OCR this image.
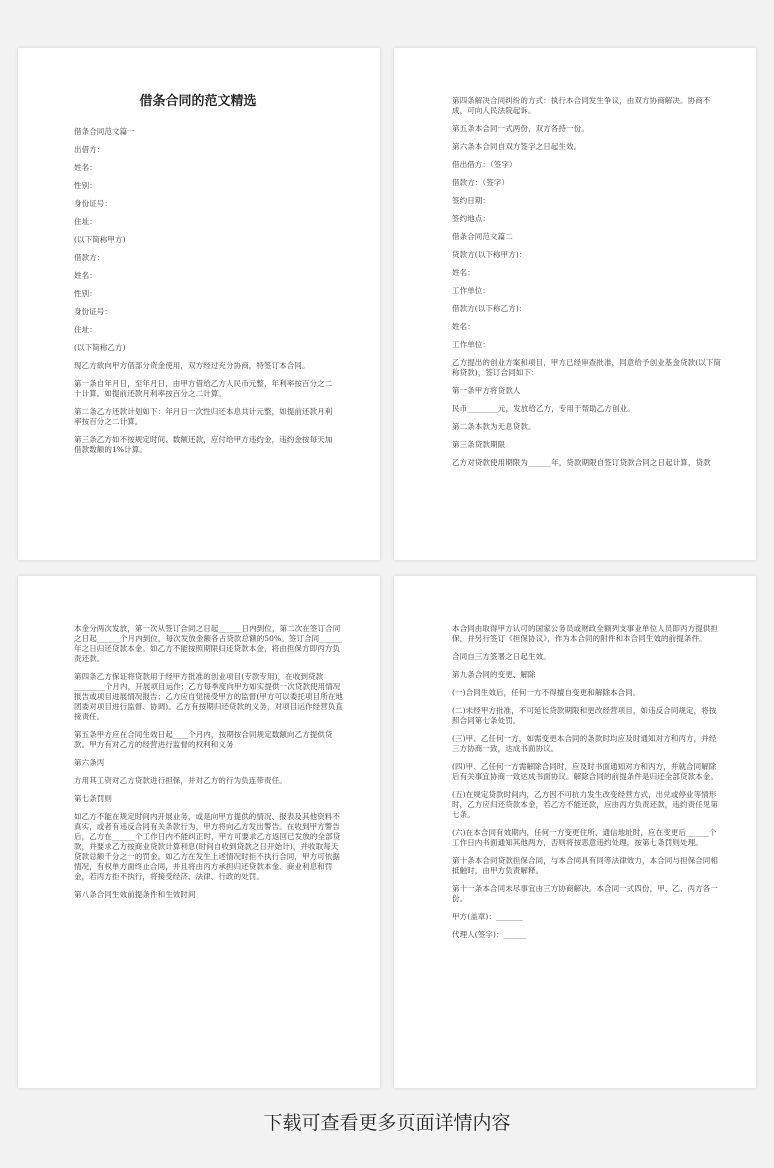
借条合同的范文精选
借条合同范文篇一
出借方：
姓名：
性别：
身份证号：
住址：
(以下简称甲方)
借款方：
姓名：
性别：
身份证号：
住址：
(以下简称乙方)
现乙方欲向甲方借部分资金使用，双方经过充分协商，特签订本合同。
第一条自年月日，至年月日，由甲方借给乙方人民币元整，年利率按百分之二十计算。如提前还款月利率按百分之二计算。
第二条乙方还款计划如下：年月日一次性归还本息共计元整，如提前还款月利率按百分之二计算。
第三条乙方如不按规定时间、数额还款，应付给甲方违约金，违约金按每天加借款数额的1%计算。
第四条解决合同纠纷的方式：执行本合同发生争议，由双方协商解决。协商不成，可向人民法院起诉。
第五条本合同一式两份，双方各持一份。
第六条本合同自双方签字之日起生效。
借出借方：（签字）
借款方：（签字）
签约日期：
签约地点：
借条合同范文篇二
贷款方(以下称甲方)：
姓名：
工作单位：
借款方(以下称乙方)：
姓名：
工作单位：
乙方提出的创业方案和项目，甲方已经审查批准，同意给予创业基金贷款(以下简称贷款)，签订合同如下：
第一条甲方将贷款人
民币________元，发放给乙方，专用于帮助乙方创业。
第二条本款为无息贷款。
第三条贷款期限
乙方对贷款使用期限为______年，贷款期限自签订贷款合同之日起计算，贷款
本金分两次发放，第一次从签订合同之日起______日内到位，第二次在签订合同之日起______个月内到位，每次发放金额各占贷款总额的50%。签订合同______年之日归还贷款本金。如乙方不能按照期限归还贷款本金，将由担保方即丙方负责还款。
第四条乙方保证将贷款用于经甲方批准的创业项目(专款专用)，在收到贷款________个月内，开展项目运作；乙方每季度向甲方如实提供一次贷款使用情况报告或项目进展情况报告；乙方应自觉接受甲方的监督(甲方可以委托项目所在地团委对项目进行监督、协调)。乙方有按期归还贷款的义务，对项目运作经营负直接责任。
第五条甲方应在合同生效日起____个月内，按期按合同规定数额向乙方提供贷款。甲方有对乙方的经营进行监督的权利和义务
第六条丙
方用其工资对乙方贷款进行担保，并对乙方的行为负连带责任。
第七条罚则
如乙方不能在规定时间内开展业务，或是向甲方提供的情况、报表及其他资料不真实，或者有违反合同有关条款行为，甲方将向乙方发出警告。在收到甲方警告后，乙方在______个工作日内不能纠正时，甲方可要求乙方返回已发放的全部贷款，并要求乙方按商业贷款计算利息(时间自收到贷款之日开始计)，并收取每天贷款总额千分之一的罚金。如乙方在发生上述情况时拒不执行合同，甲方可依据情况，有权单方面终止合同，并且将由丙方承担归还贷款本金、商业利息和罚金，若丙方拒不执行，将接受经济、法律、行政的处罚。
第八条合同生效前提条件和生效时间
本合同由取得甲方认可的国家公务员或财政全额列支事业单位人员即丙方提供担保，并另行签订《担保协议》，作为本合同的附件和本合同生效的前提条件。
合同自三方签署之日起生效。
第九条合同的变更、解除
(一)合同生效后，任何一方不得擅自变更和解除本合同。
(二)未经甲方批准，不可延长贷款期限和更改经营项目，如违反合同规定，将按照合同第七条处罚。
(三)甲、乙任何一方，如需变更本合同的条款时均应及时通知对方和丙方，并经三方协商一致，达成书面协议。
(四)甲、乙任何一方需解除合同时，应及时书面通知对方和丙方，并就合同解除后有关事宜协商一致达成书面协议。解除合同的前提条件是归还全部贷款本金。
(五)在规定贷款时间内，乙方因不可抗力发生改变经营方式，出兑或停业等情形时，乙方应归还贷款本金，若乙方不能还款，应由丙方负责还款，违约责任见第七条。
(六)在本合同有效期内，任何一方变更住所、通信地址时，应在变更后______个工作日内书面通知其他两方，否则将按恶意违约处理，按第七条罚则处理。
第十条本合同贷款担保合同，与本合同具有同等法律效力，本合同与担保合同相抵触时，由甲方负责解释。
第十一条本合同未尽事宜由三方协商解决。本合同一式四份，甲、乙、丙方各一份。
甲方(盖章)：_______
代理人(签字)：______
下载可查看更多页面详情内容
